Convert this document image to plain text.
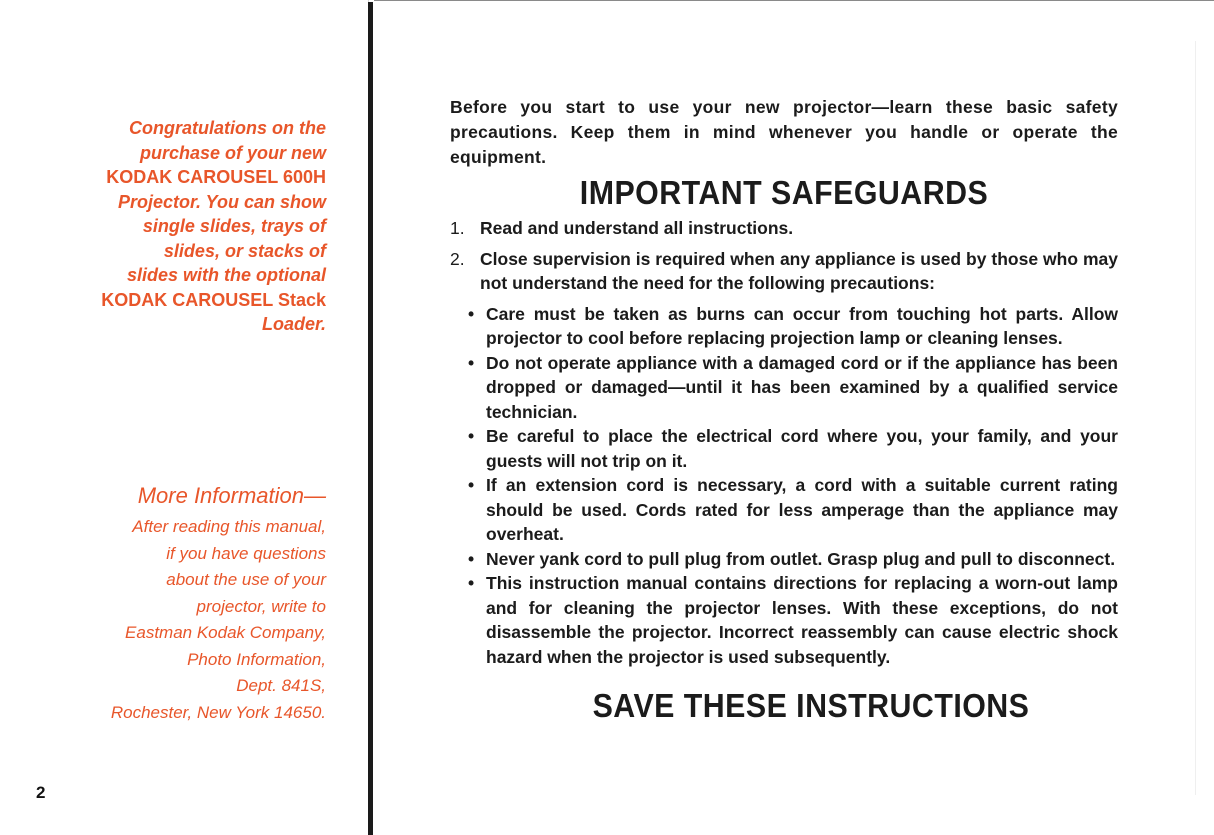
Congratulations on the
purchase of your new
KODAK CAROUSEL 600H
Projector. You can show
single slides, trays of
slides, or stacks of
slides with the optional
KODAK CAROUSEL Stack
Loader.
More Information—
After reading this manual,
if you have questions
about the use of your
projector, write to
Eastman Kodak Company,
Photo Information,
Dept. 841S,
Rochester, New York 14650.
2

Before you start to use your new projector—learn these basic safety precautions. Keep them in mind whenever you handle or operate the equipment.

IMPORTANT SAFEGUARDS
1. Read and understand all instructions.
2. Close supervision is required when any appliance is used by those who may not understand the need for the following precautions:
• Care must be taken as burns can occur from touching hot parts. Allow projector to cool before replacing projection lamp or cleaning lenses.
• Do not operate appliance with a damaged cord or if the appliance has been dropped or damaged—until it has been examined by a qualified service technician.
• Be careful to place the electrical cord where you, your family, and your guests will not trip on it.
• If an extension cord is necessary, a cord with a suitable current rating should be used. Cords rated for less amperage than the appliance may overheat.
• Never yank cord to pull plug from outlet. Grasp plug and pull to disconnect.
• This instruction manual contains directions for replacing a worn-out lamp and for cleaning the projector lenses. With these exceptions, do not disassemble the projector. Incorrect reassembly can cause electric shock hazard when the projector is used subsequently.
SAVE THESE INSTRUCTIONS
